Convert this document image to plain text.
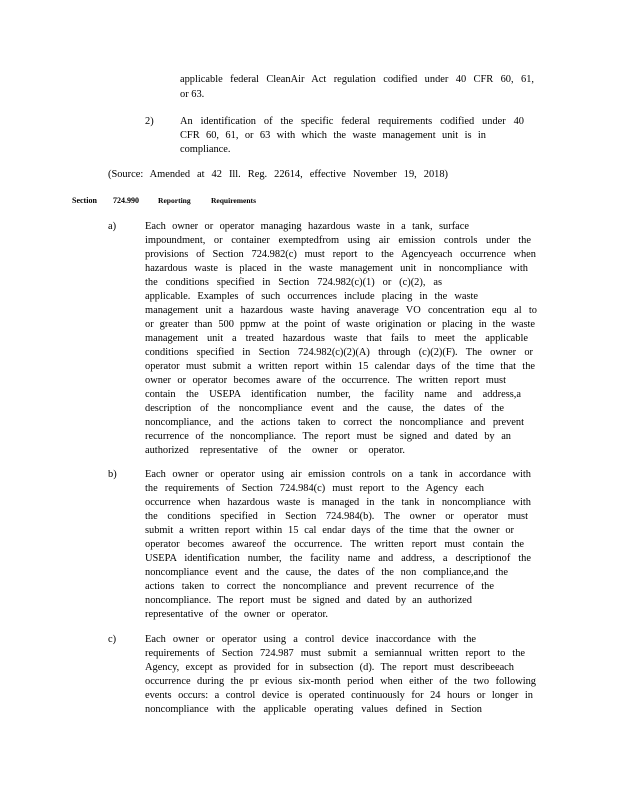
applicable federal CleanAir Act regulation codified under 40 CFR 60, 61,
or 63.
2)	An identification of the specific federal requirements codified under 40
CFR 60, 61, or 63 with which the waste management unit is in
compliance.
(Source: Amended at 42 Ill. Reg. 22614, effective November 19, 2018)
Section 724.990	Reporting Requirements
a)	Each owner or operator managing hazardous waste in a tank, surface
impoundment, or container exemptedfrom using air emission controls under the
provisions of Section 724.982(c) must report to the Agencyeach occurrence when
hazardous waste is placed in the waste management unit in noncompliance with
the conditions specified in Section 724.982(c)(1) or (c)(2), as
applicable. Examples of such occurrences include placing in the waste
management unit a hazardous waste having anaverage VO concentration equ al to
or greater than 500 ppmw at the point of waste origination or placing in the waste
management unit a treated hazardous waste that fails to meet the applicable
conditions specified in Section 724.982(c)(2)(A) through (c)(2)(F). The owner or
operator must submit a written report within 15 calendar days of the time that the
owner or operator becomes aware of the occurrence. The written report must
contain the USEPA identification number, the facility name and address,a
description of the noncompliance event and the cause, the dates of the
noncompliance, and the actions taken to correct the noncompliance and prevent
recurrence of the noncompliance. The report must be signed and dated by an
authorized representative of the owner or operator.
b)	Each owner or operator using air emission controls on a tank in accordance with
the requirements of Section 724.984(c) must report to the Agency each
occurrence when hazardous waste is managed in the tank in noncompliance with
the conditions specified in Section 724.984(b). The owner or operator must
submit a written report within 15 cal endar days of the time that the owner or
operator becomes awareof the occurrence. The written report must contain the
USEPA identification number, the facility name and address, a descriptionof the
noncompliance event and the cause, the dates of the non compliance,and the
actions taken to correct the noncompliance and prevent recurrence of the
noncompliance. The report must be signed and dated by an authorized
representative of the owner or operator.
c)	Each owner or operator using a control device inaccordance with the
requirements of Section 724.987 must submit a semiannual written report to the
Agency, except as provided for in subsection (d). The report must describeeach
occurrence during the pr evious six-month period when either of the two following
events occurs: a control device is operated continuously for 24 hours or longer in
noncompliance with the applicable operating values defined in Section
